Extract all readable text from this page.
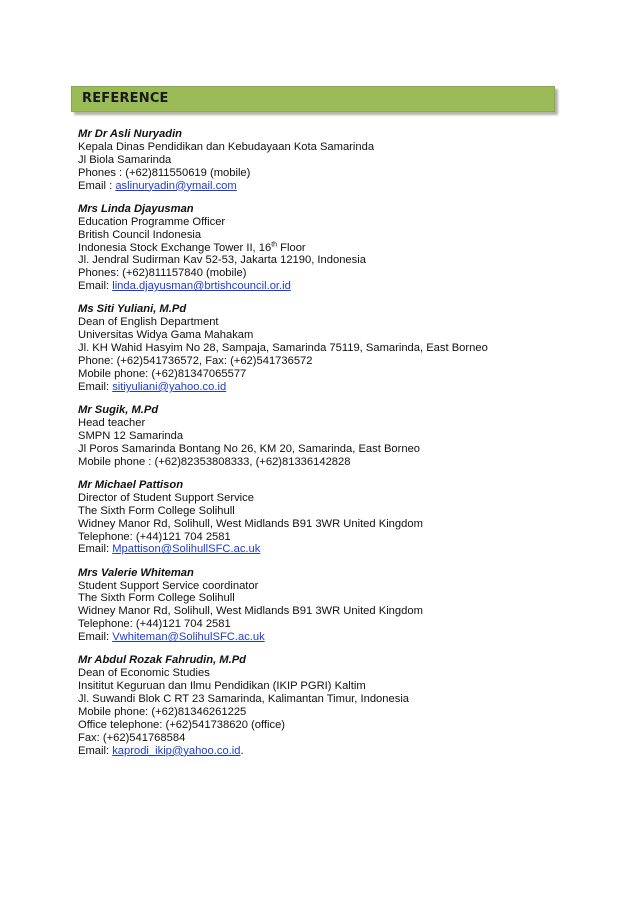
REFERENCE
Mr Dr Asli Nuryadin
Kepala Dinas Pendidikan dan Kebudayaan Kota Samarinda
Jl Biola Samarinda
Phones : (+62)811550619 (mobile)
Email : aslinuryadin@ymail.com
Mrs Linda Djayusman
Education Programme Officer
British Council Indonesia
Indonesia Stock Exchange Tower II, 16th Floor
Jl. Jendral Sudirman Kav 52-53, Jakarta 12190, Indonesia
Phones: (+62)811157840 (mobile)
Email: linda.djayusman@brtishcouncil.or.id
Ms Siti Yuliani, M.Pd
Dean of English Department
Universitas Widya Gama Mahakam
Jl. KH Wahid Hasyim No 28, Sampaja, Samarinda 75119, Samarinda, East Borneo
Phone: (+62)541736572, Fax: (+62)541736572
Mobile phone: (+62)81347065577
Email: sitiyuliani@yahoo.co.id
Mr Sugik, M.Pd
Head teacher
SMPN 12 Samarinda
Jl Poros Samarinda Bontang No 26, KM 20, Samarinda, East Borneo
Mobile phone : (+62)82353808333, (+62)81336142828
Mr Michael Pattison
Director of Student Support Service
The Sixth Form College Solihull
Widney Manor Rd, Solihull, West Midlands B91 3WR United Kingdom
Telephone: (+44)121 704 2581
Email: Mpattison@SolihullSFC.ac.uk
Mrs Valerie Whiteman
Student Support Service coordinator
The Sixth Form College Solihull
Widney Manor Rd, Solihull, West Midlands B91 3WR United Kingdom
Telephone: (+44)121 704 2581
Email: Vwhiteman@SolihulSFC.ac.uk
Mr Abdul Rozak Fahrudin, M.Pd
Dean of Economic Studies
Insititut Keguruan dan Ilmu Pendidikan (IKIP PGRI) Kaltim
Jl. Suwandi Blok C RT 23 Samarinda, Kalimantan Timur, Indonesia
Mobile phone: (+62)81346261225
Office telephone: (+62)541738620 (office)
Fax: (+62)541768584
Email: kaprodi_ikip@yahoo.co.id.
